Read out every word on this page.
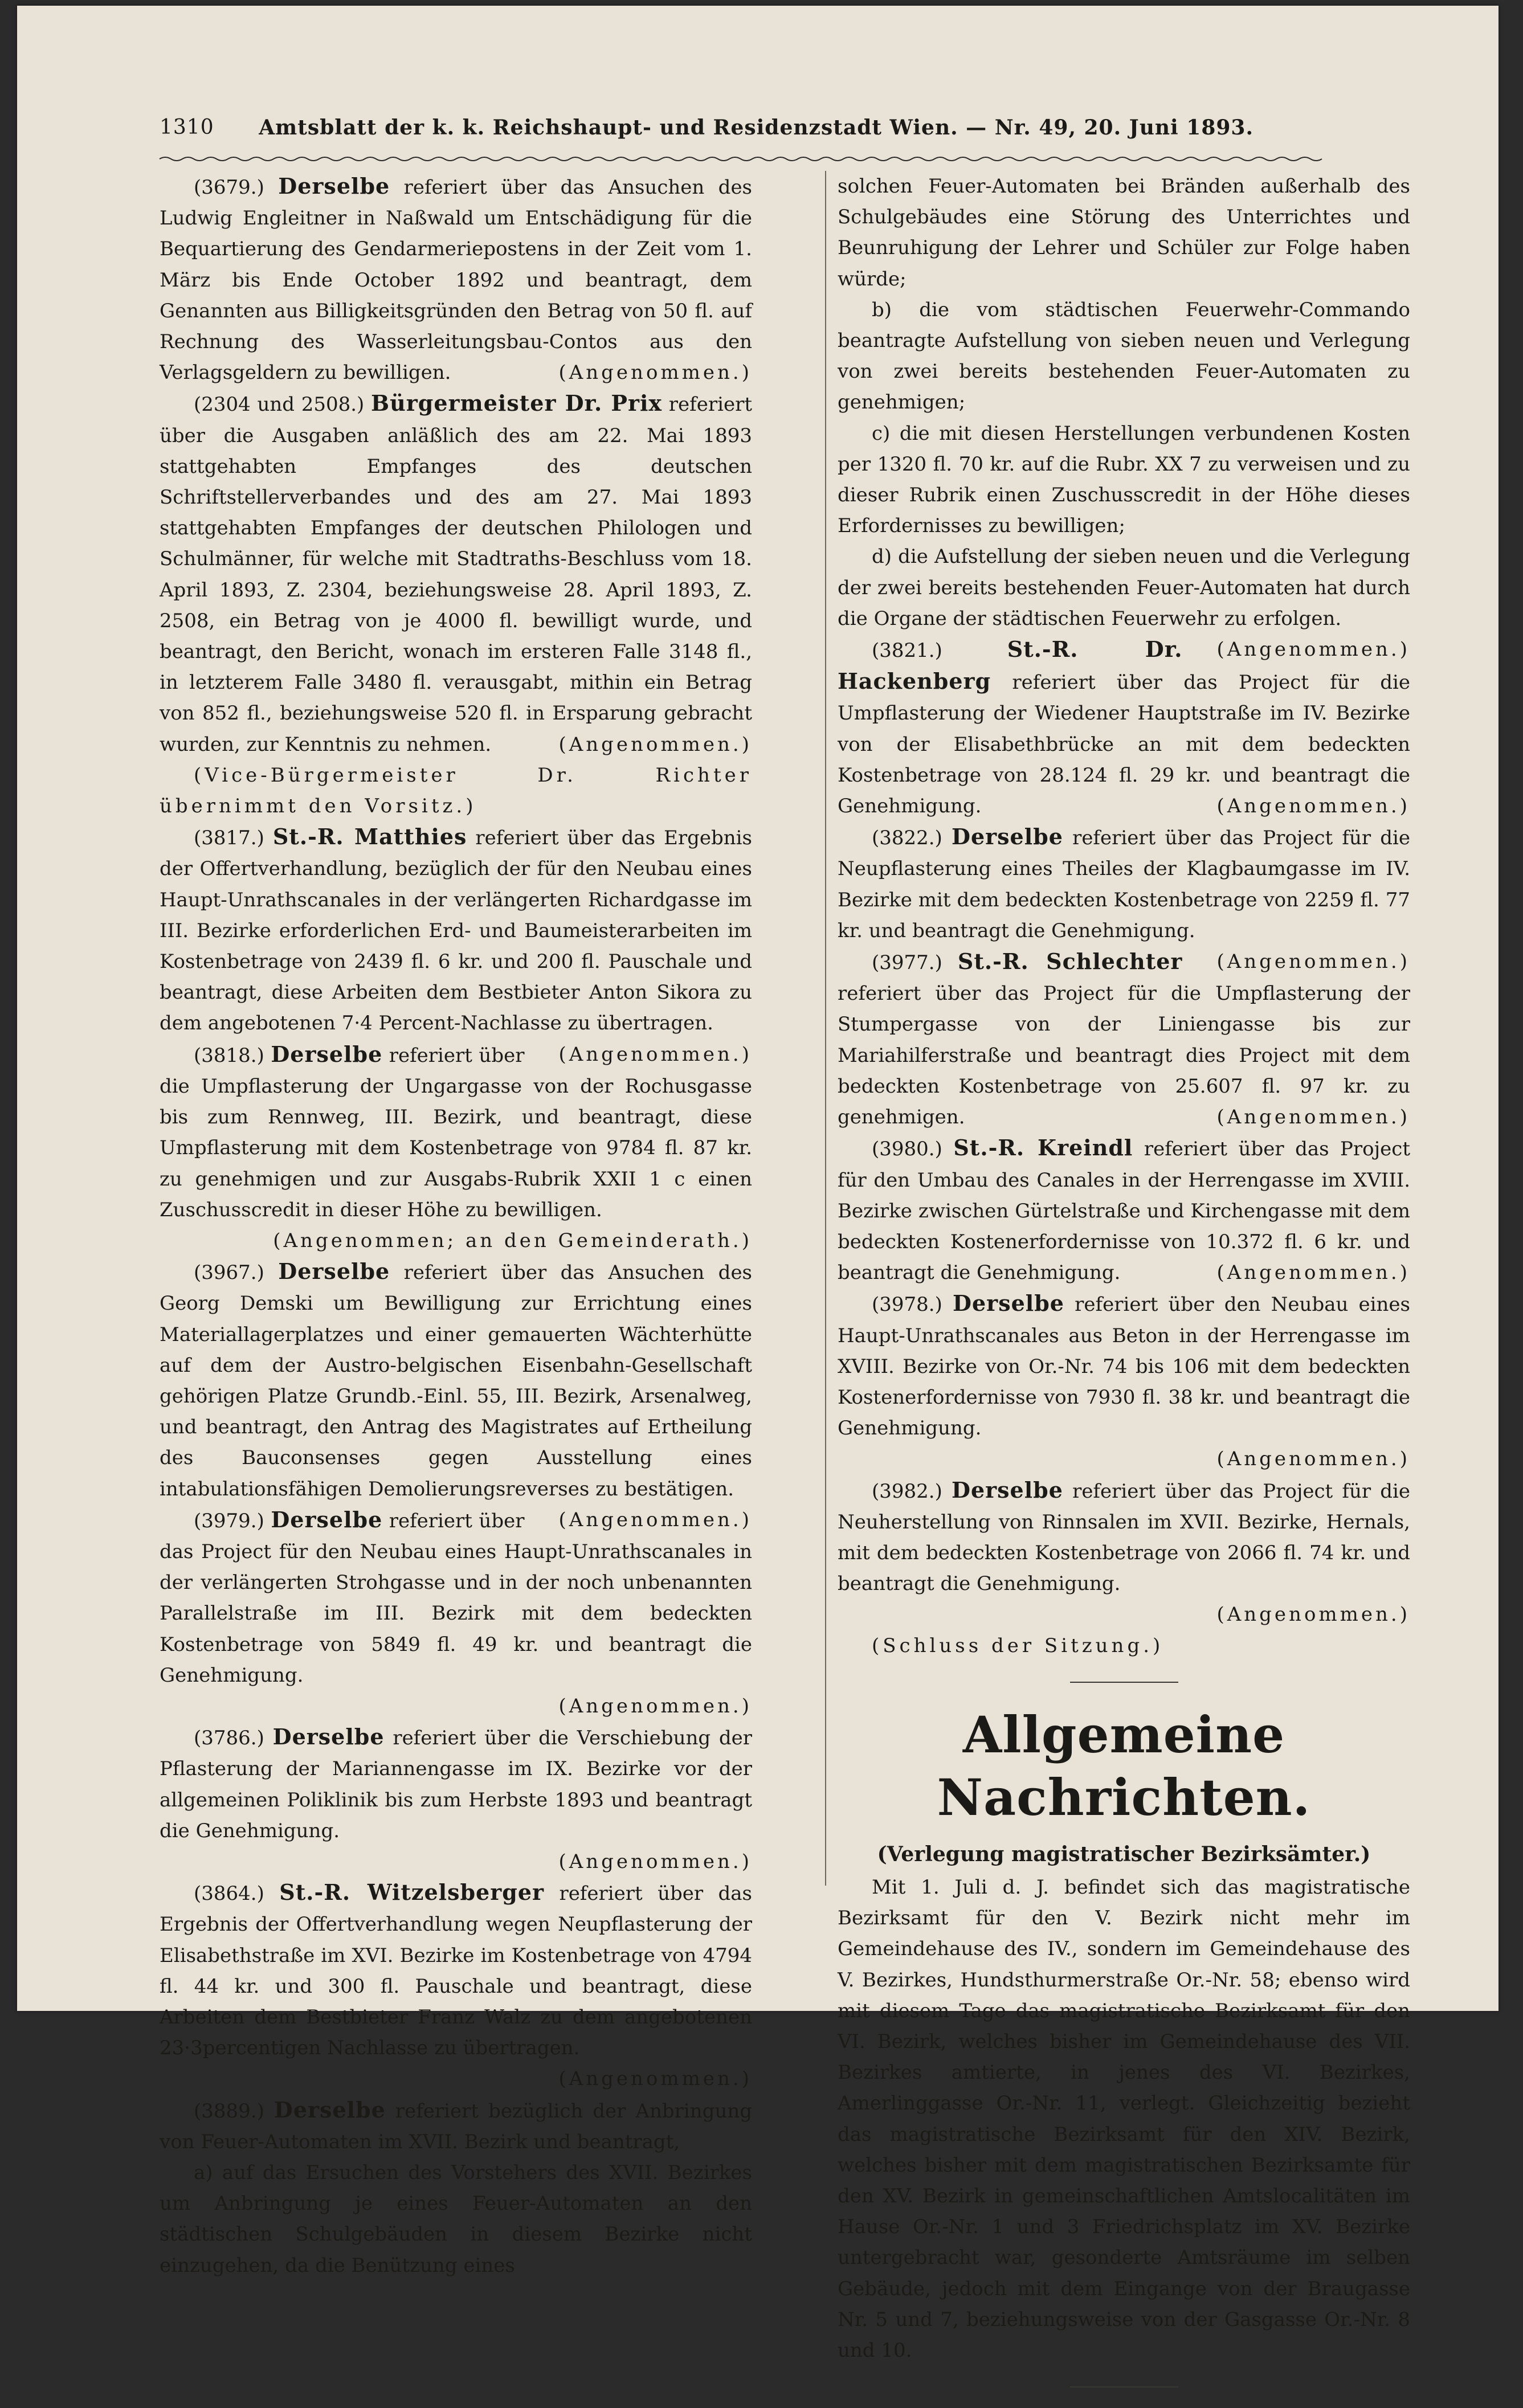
1310 Amtsblatt der k. k. Reichshaupt- und Residenzstadt Wien. — Nr. 49, 20. Juni 1893.

(3679.) Derselbe referiert über das Ansuchen des Ludwig Engleitner in Naßwald um Entschädigung für die Bequartierung des Gendarmeriepostens in der Zeit vom 1. März bis Ende October 1892 und beantragt, dem Genannten aus Billigkeitsgründen den Betrag von 50 fl. auf Rechnung des Wasserleitungsbau-Contos aus den Verlagsgeldern zu bewilligen.	(Angenommen.)

(2304 und 2508.) Bürgermeister Dr. Prix referiert über die Ausgaben anläßlich des am 22. Mai 1893 stattgehabten Empfanges des deutschen Schriftstellerverbandes und des am 27. Mai 1893 stattgehabten Empfanges der deutschen Philologen und Schulmänner, für welche mit Stadtraths-Beschluss vom 18. April 1893, Z. 2304, beziehungsweise 28. April 1893, Z. 2508, ein Betrag von je 4000 fl. bewilligt wurde, und beantragt, den Bericht, wonach im ersteren Falle 3148 fl., in letzterem Falle 3480 fl. verausgabt, mithin ein Betrag von 852 fl., beziehungsweise 520 fl. in Ersparung gebracht wurden, zur Kenntnis zu nehmen.	(Angenommen.)

(Vice-Bürgermeister Dr. Richter übernimmt den Vorsitz.)

(3817.) St.-R. Matthies referiert über das Ergebnis der Offertverhandlung, bezüglich der für den Neubau eines Haupt-Unrathscanales in der verlängerten Richardgasse im III. Bezirke erforderlichen Erd- und Baumeisterarbeiten im Kostenbetrage von 2439 fl. 6 kr. und 200 fl. Pauschale und beantragt, diese Arbeiten dem Bestbieter Anton Sikora zu dem angebotenen 7·4 Percent-Nachlasse zu übertragen.
(Angenommen.)

(3818.) Derselbe referiert über die Umpflasterung der Ungargasse von der Rochusgasse bis zum Rennweg, III. Bezirk, und beantragt, diese Umpflasterung mit dem Kostenbetrage von 9784 fl. 87 kr. zu genehmigen und zur Ausgabs-Rubrik XXII 1 c einen Zuschusscredit in dieser Höhe zu bewilligen.
(Angenommen; an den Gemeinderath.)

(3967.) Derselbe referiert über das Ansuchen des Georg Demski um Bewilligung zur Errichtung eines Materiallagerplatzes und einer gemauerten Wächterhütte auf dem der Austro-belgischen Eisenbahn-Gesellschaft gehörigen Platze Grundb.-Einl. 55, III. Bezirk, Arsenalweg, und beantragt, den Antrag des Magistrates auf Ertheilung des Bauconsenses gegen Ausstellung eines intabulationsfähigen Demolierungsreverses zu bestätigen.
(Angenommen.)

(3979.) Derselbe referiert über das Project für den Neubau eines Haupt-Unrathscanales in der verlängerten Strohgasse und in der noch unbenannten Parallelstraße im III. Bezirk mit dem bedeckten Kostenbetrage von 5849 fl. 49 kr. und beantragt die Genehmigung.
(Angenommen.)

(3786.) Derselbe referiert über die Verschiebung der Pflasterung der Mariannengasse im IX. Bezirke vor der allgemeinen Poliklinik bis zum Herbste 1893 und beantragt die Genehmigung.
(Angenommen.)

(3864.) St.-R. Witzelsberger referiert über das Ergebnis der Offertverhandlung wegen Neupflasterung der Elisabethstraße im XVI. Bezirke im Kostenbetrage von 4794 fl. 44 kr. und 300 fl. Pauschale und beantragt, diese Arbeiten dem Bestbieter Franz Walz zu dem angebotenen 23·3percentigen Nachlasse zu übertragen.
(Angenommen.)

(3889.) Derselbe referiert bezüglich der Anbringung von Feuer-Automaten im XVII. Bezirk und beantragt,

a) auf das Ersuchen des Vorstehers des XVII. Bezirkes um Anbringung je eines Feuer-Automaten an den städtischen Schulgebäuden in diesem Bezirke nicht einzugehen, da die Benützung eines

solchen Feuer-Automaten bei Bränden außerhalb des Schulgebäudes eine Störung des Unterrichtes und Beunruhigung der Lehrer und Schüler zur Folge haben würde;

b) die vom städtischen Feuerwehr-Commando beantragte Aufstellung von sieben neuen und Verlegung von zwei bereits bestehenden Feuer-Automaten zu genehmigen;

c) die mit diesen Herstellungen verbundenen Kosten per 1320 fl. 70 kr. auf die Rubr. XX 7 zu verweisen und zu dieser Rubrik einen Zuschusscredit in der Höhe dieses Erfordernisses zu bewilligen;

d) die Aufstellung der sieben neuen und die Verlegung der zwei bereits bestehenden Feuer-Automaten hat durch die Organe der städtischen Feuerwehr zu erfolgen.
(Angenommen.)

(3821.)	St.-R. Dr. Hackenberg referiert über das Project für die Umpflasterung der Wiedener Hauptstraße im IV. Bezirke von der Elisabethbrücke an mit dem bedeckten Kostenbetrage von 28.124 fl. 29 kr. und beantragt die Genehmigung.	(Angenommen.)

(3822.) Derselbe referiert über das Project für die Neupflasterung eines Theiles der Klagbaumgasse im IV. Bezirke mit dem bedeckten Kostenbetrage von 2259 fl. 77 kr. und beantragt die Genehmigung.
(Angenommen.)

(3977.) St.-R. Schlechter referiert über das Project für die Umpflasterung der Stumpergasse von der Liniengasse bis zur Mariahilferstraße und beantragt dies Project mit dem bedeckten Kostenbetrage von 25.607 fl. 97 kr. zu genehmigen.	(Angenommen.)

(3980.) St.-R. Kreindl referiert über das Project für den Umbau des Canales in der Herrengasse im XVIII. Bezirke zwischen Gürtelstraße und Kirchengasse mit dem bedeckten Kostenerfordernisse von 10.372 fl. 6 kr. und beantragt die Genehmigung.	(Angenommen.)

(3978.) Derselbe referiert über den Neubau eines Haupt-Unrathscanales aus Beton in der Herrengasse im XVIII. Bezirke von Or.-Nr. 74 bis 106 mit dem bedeckten Kostenerfordernisse von 7930 fl. 38 kr. und beantragt die Genehmigung.
(Angenommen.)

(3982.) Derselbe referiert über das Project für die Neuherstellung von Rinnsalen im XVII. Bezirke, Hernals, mit dem bedeckten Kostenbetrage von 2066 fl. 74 kr. und beantragt die Genehmigung.
(Angenommen.)

(Schluss der Sitzung.)

Allgemeine Nachrichten.
(Verlegung magistratischer Bezirksämter.)

Mit 1. Juli d. J. befindet sich das magistratische Bezirksamt für den V. Bezirk nicht mehr im Gemeindehause des IV., sondern im Gemeindehause des V. Bezirkes, Hundsthurmerstraße Or.-Nr. 58; ebenso wird mit diesem Tage das magistratische Bezirksamt für den VI. Bezirk, welches bisher im Gemeindehause des VII. Bezirkes amtierte, in jenes des VI. Bezirkes, Amerlinggasse Or.-Nr. 11, verlegt. Gleichzeitig bezieht das magistratische Bezirksamt für den XIV. Bezirk, welches bisher mit dem magistratischen Bezirksamte für den XV. Bezirk in gemeinschaftlichen Amtslocalitäten im Hause Or.-Nr. 1 und 3 Friedrichsplatz im XV. Bezirke untergebracht war, gesonderte Amtsräume im selben Gebäude, jedoch mit dem Eingange von der Braugasse Nr. 5 und 7, beziehungsweise von der Gasgasse Or.-Nr. 8 und 10.
